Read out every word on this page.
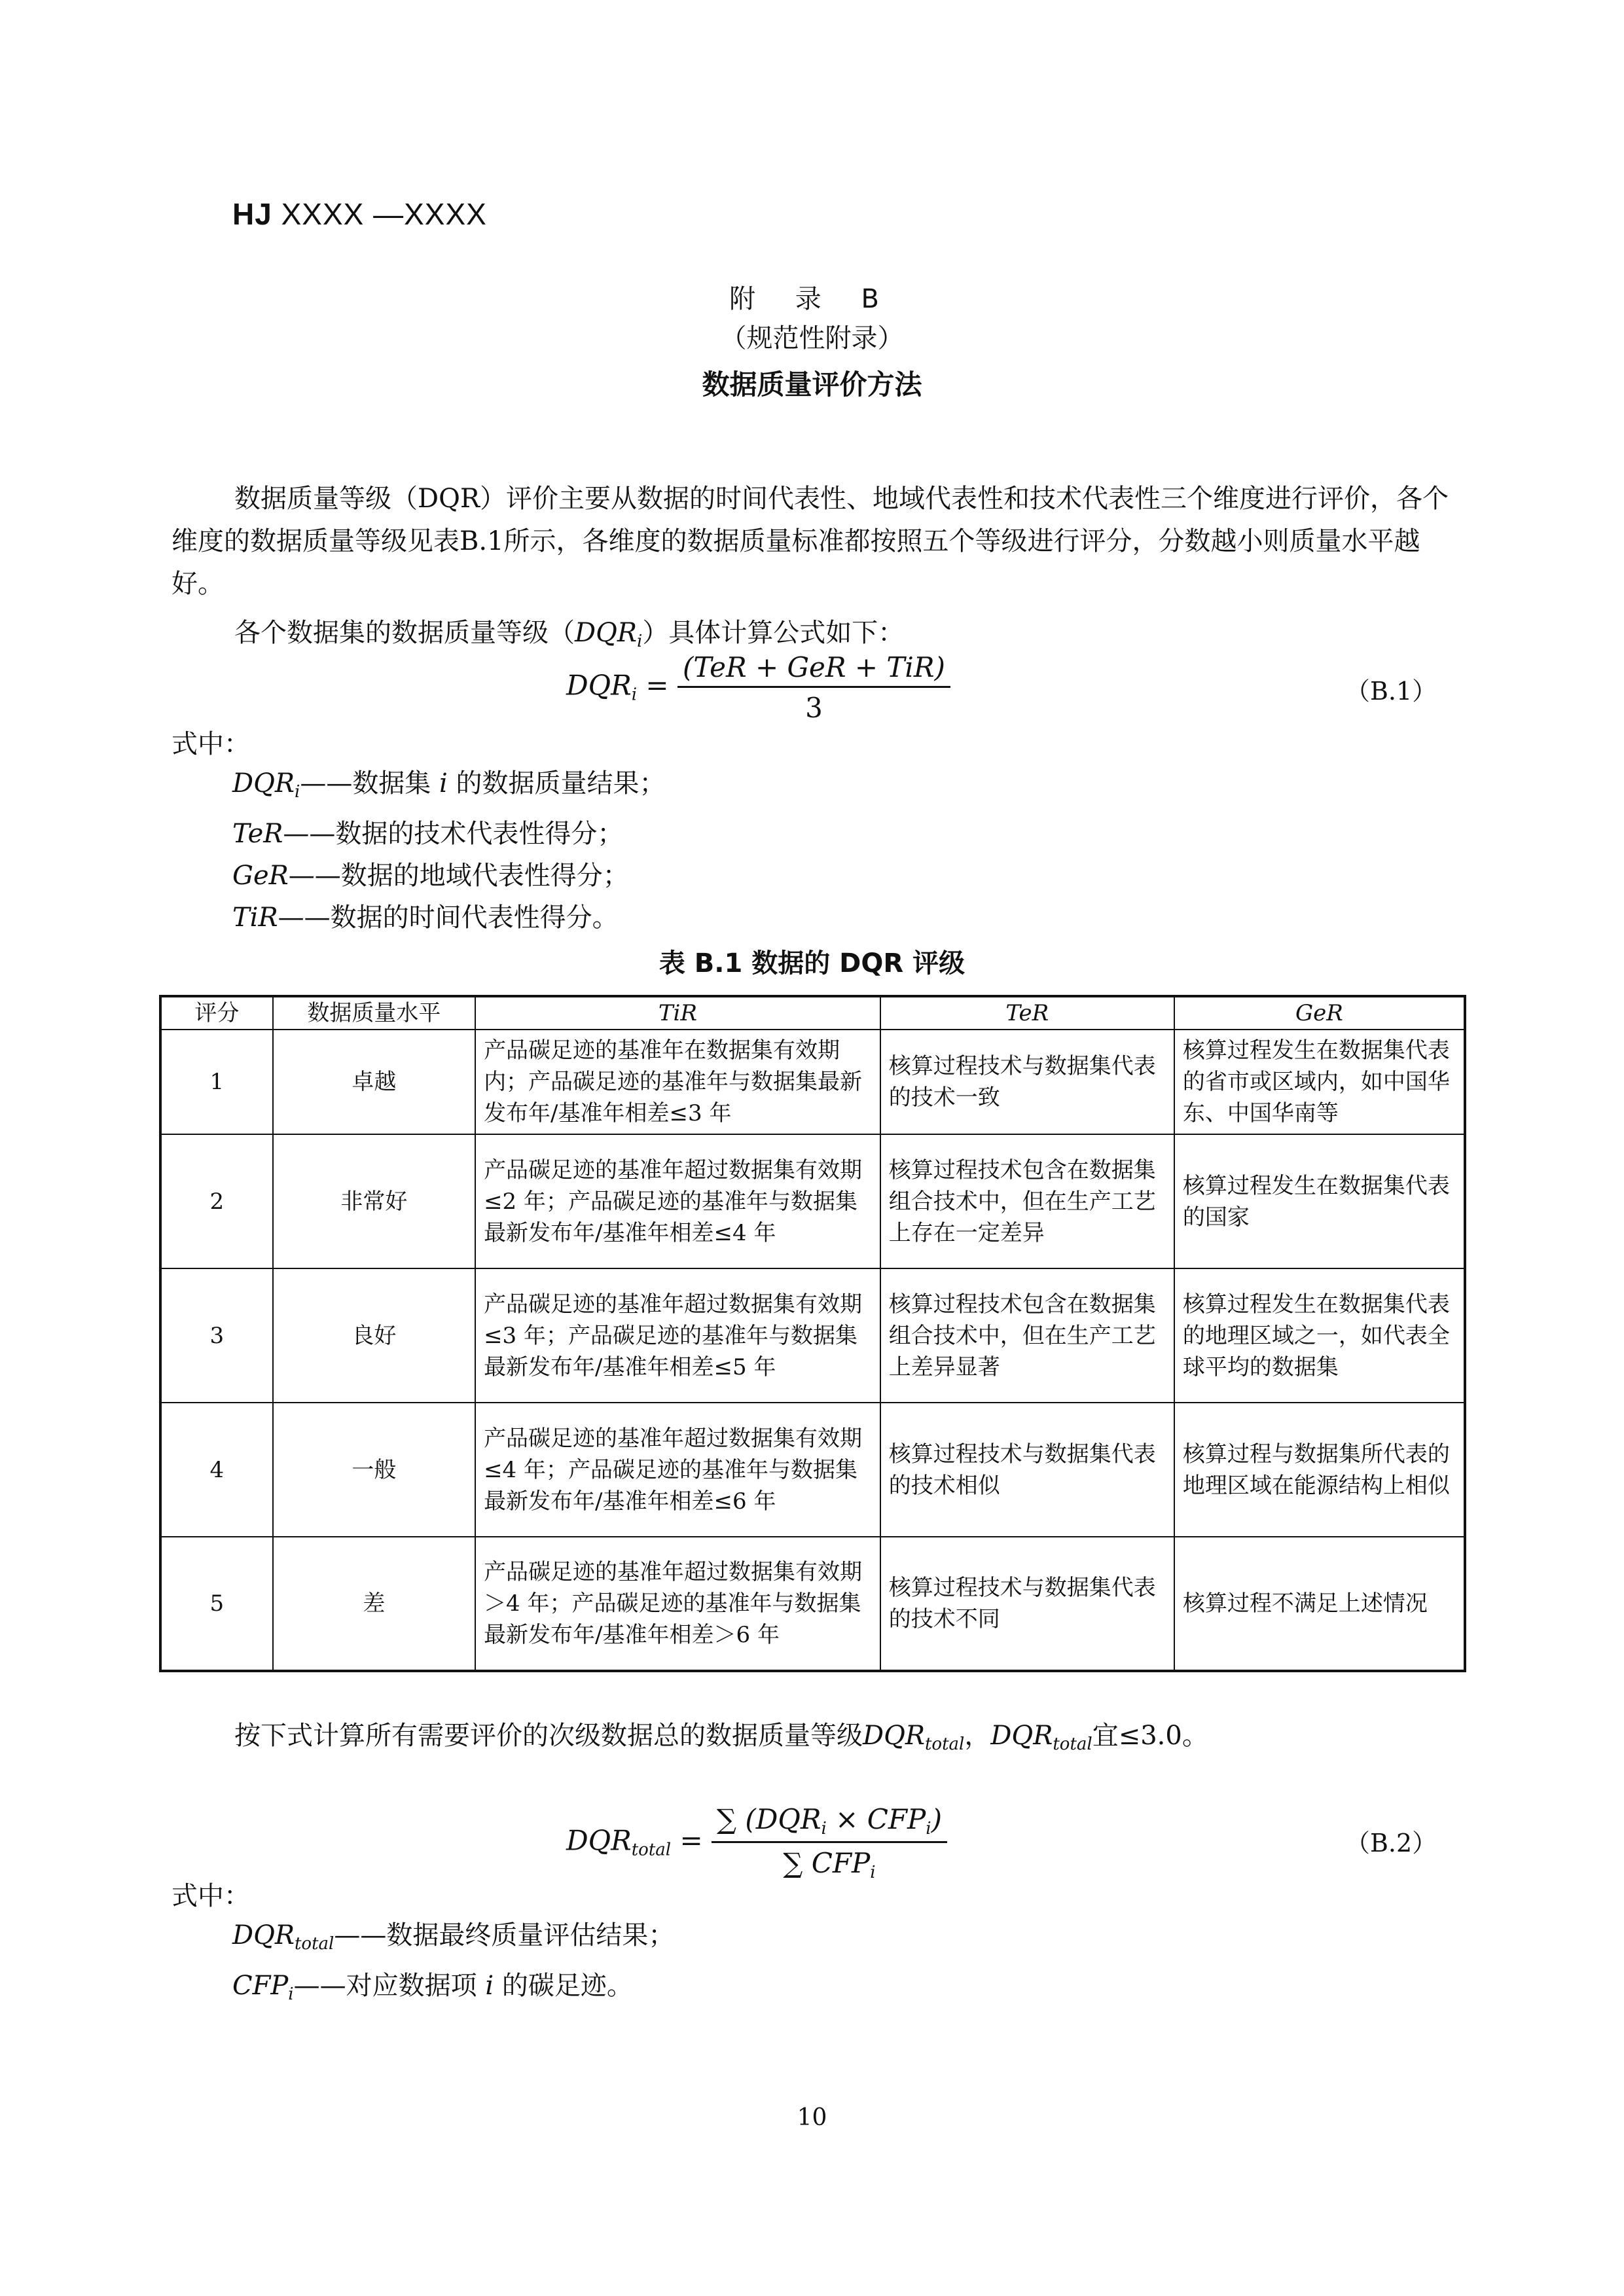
HJ XXXX —XXXX
附 录 B
（规范性附录）
数据质量评价方法
数据质量等级（DQR）评价主要从数据的时间代表性、地域代表性和技术代表性三个维度进行评价，各个维度的数据质量等级见表B.1所示，各维度的数据质量标准都按照五个等级进行评分，分数越小则质量水平越好。
各个数据集的数据质量等级$(DQR_i)$具体计算公式如下：
$DQR_i = \frac{\text{(TeR + GeR + TiR)}}{3}$	（B.1）
式中：
$DQR_i——$数据集 i 的数据质量结果；
TeR——数据的技术代表性得分；
GeR——数据的地域代表性得分；
TiR——数据的时间代表性得分。
表 B.1 数据的 DQR 评级
评分	数据质量水平	TiR	TeR	GeR
1	卓越	产品碳足迹的基准年在数据集有效期内；产品碳足迹的基准年与数据集最新发布年/基准年相差≤3 年	核算过程技术与数据集代表的技术一致	核算过程发生在数据集代表的省市或区域内，如中国华东、中国华南等
2	非常好	产品碳足迹的基准年超过数据集有效期≤2 年；产品碳足迹的基准年与数据集最新发布年/基准年相差≤4 年	核算过程技术包含在数据集组合技术中，但在生产工艺上存在一定差异	核算过程发生在数据集代表的国家
3	良好	产品碳足迹的基准年超过数据集有效期≤3 年；产品碳足迹的基准年与数据集最新发布年/基准年相差≤5 年	核算过程技术包含在数据集组合技术中，但在生产工艺上差异显著	核算过程发生在数据集代表的地理区域之一，如代表全球平均的数据集
4	一般	产品碳足迹的基准年超过数据集有效期≤4 年；产品碳足迹的基准年与数据集最新发布年/基准年相差≤6 年	核算过程技术与数据集代表的技术相似	核算过程与数据集所代表的地理区域在能源结构上相似
5	差	产品碳足迹的基准年超过数据集有效期＞4 年；产品碳足迹的基准年与数据集最新发布年/基准年相差＞6 年	核算过程技术与数据集代表的技术不同	核算过程不满足上述情况
按下式计算所有需要评价的次级数据总的数据质量等级$DQR_{total}$，$DQR_{total}$宜≤3.0。
$DQR_{total} = \frac{\sum (DQR_i \times CFP_i)}{\sum CFP_i}$	（B.2）
式中：
$DQR_{total}——$数据最终质量评估结果；
$CFP_i——$对应数据项 i 的碳足迹。
10
